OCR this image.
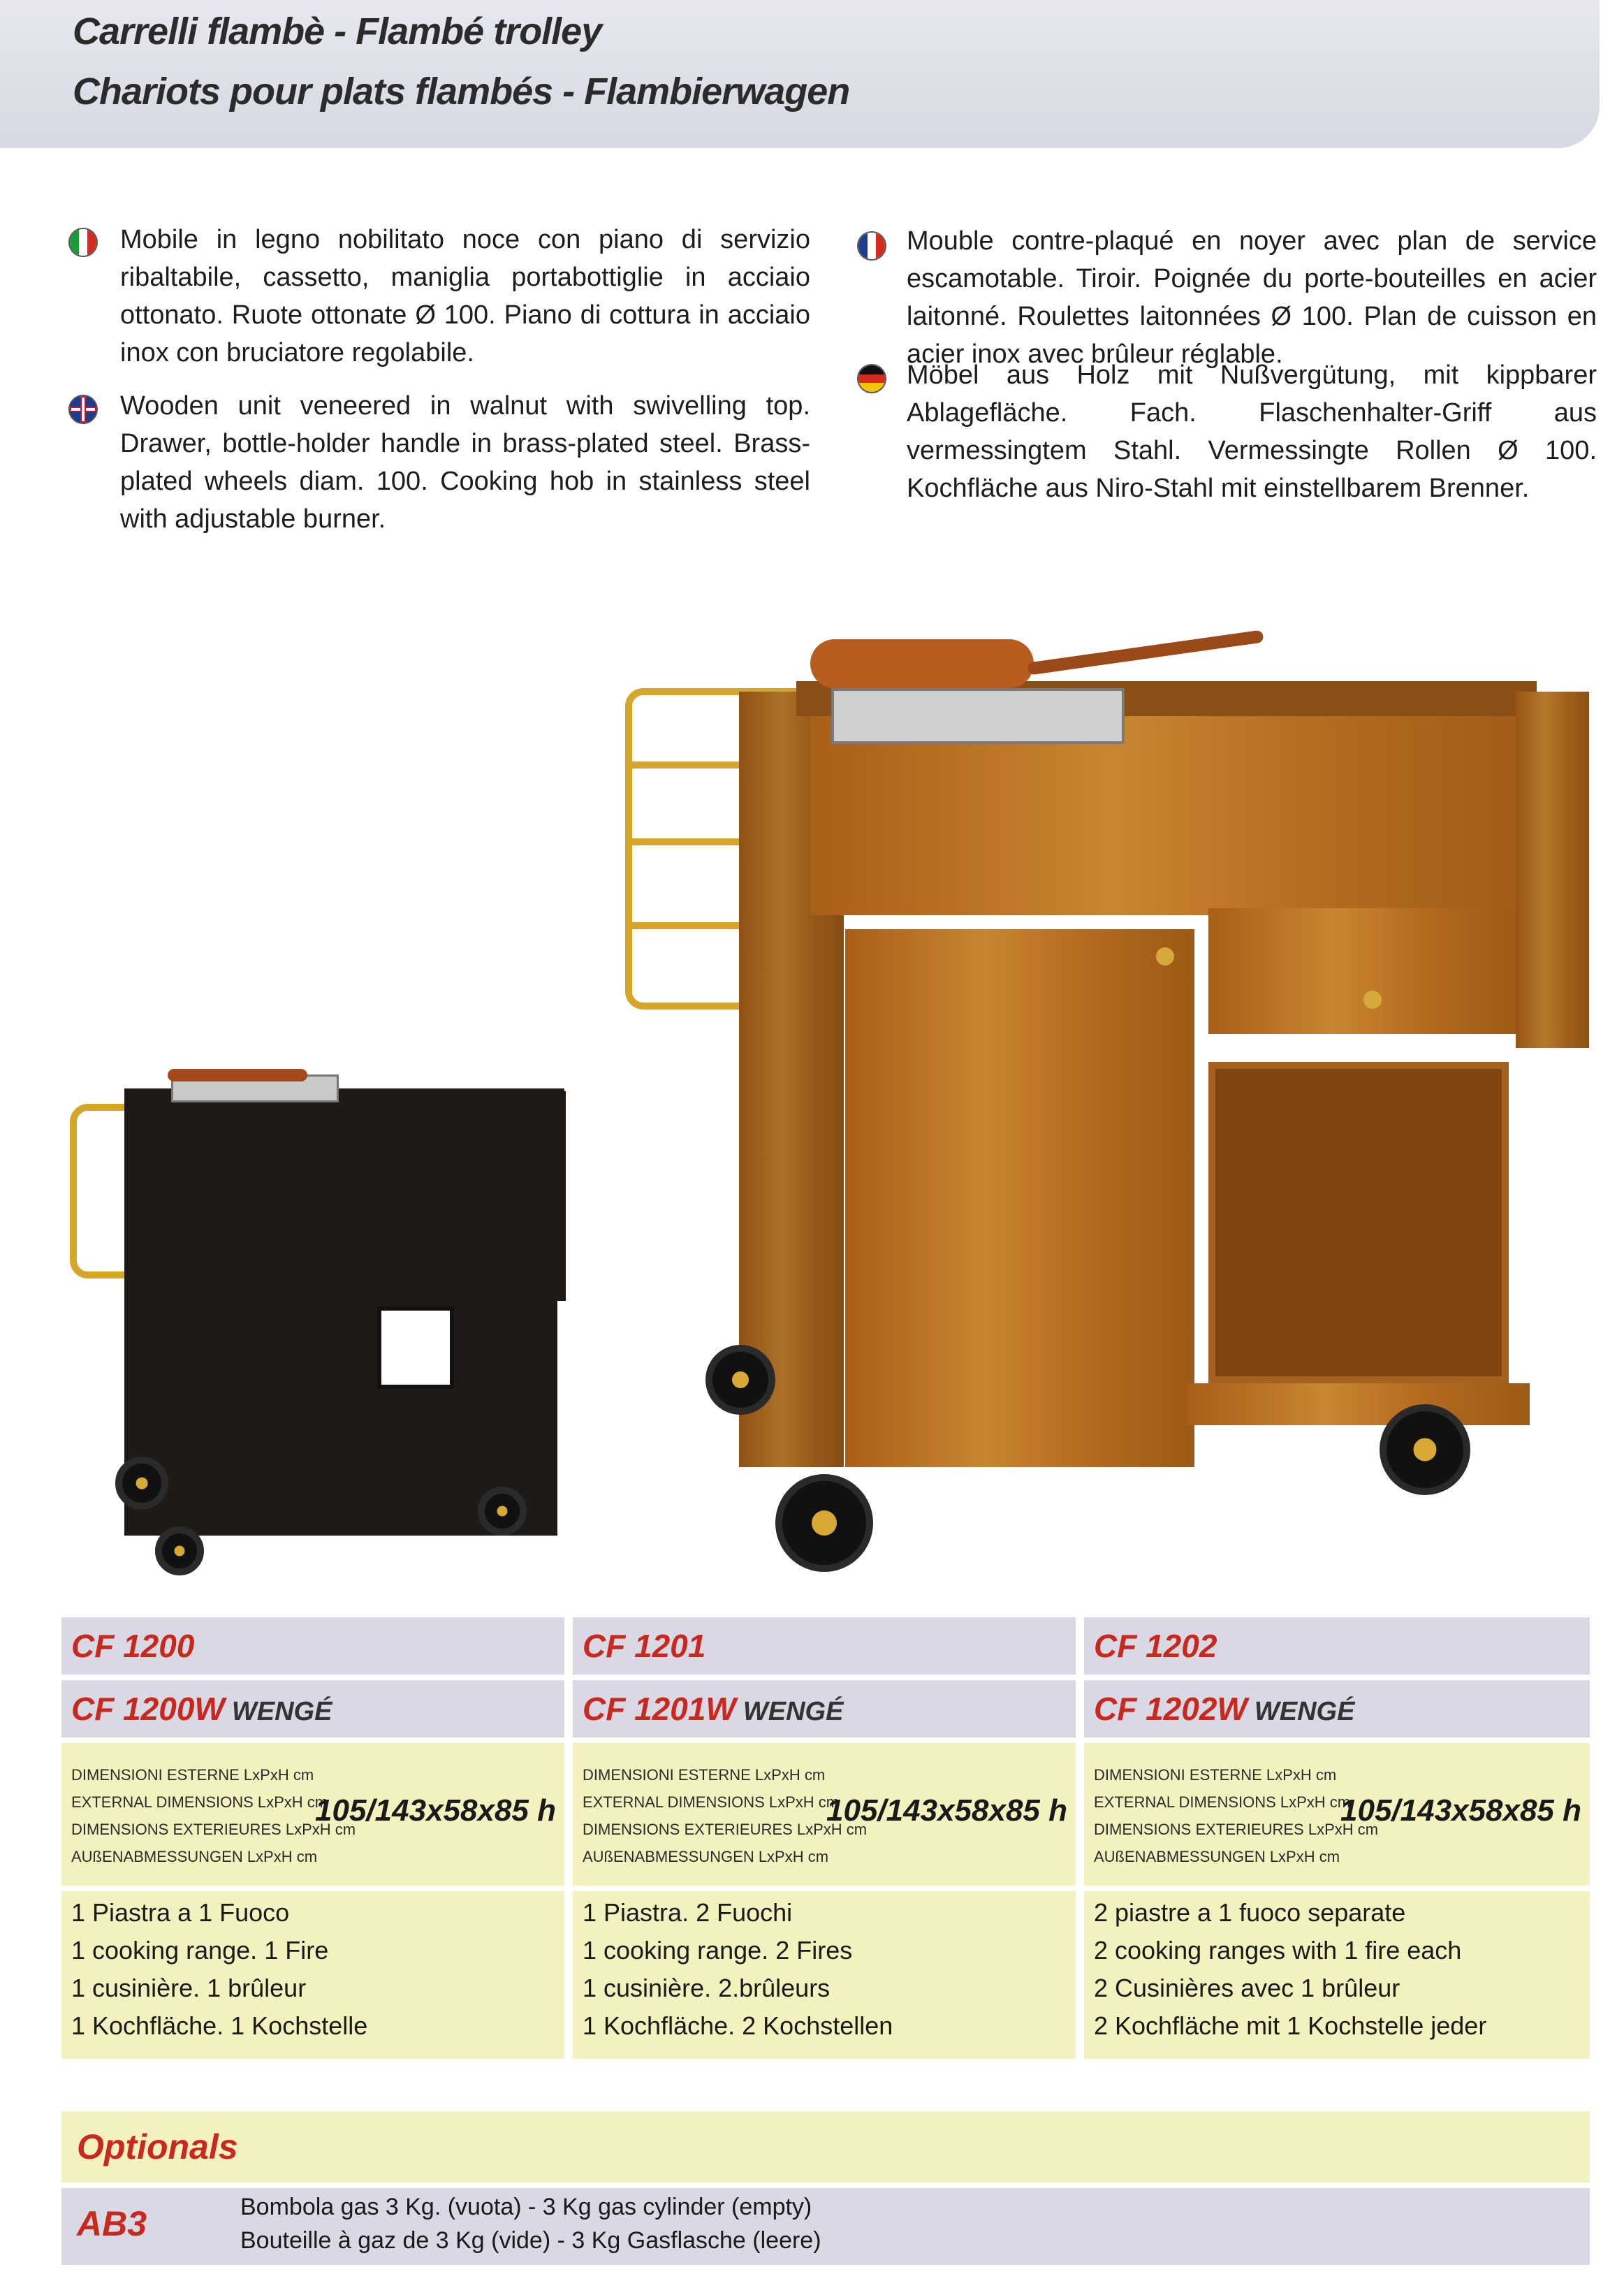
Carrelli flambè - Flambé trolley
Chariots pour plats flambés - Flambierwagen
Mobile in legno nobilitato noce con piano di servizio ribaltabile, cassetto, maniglia portabottiglie in acciaio ottonato. Ruote ottonate Ø 100. Piano di cottura in acciaio inox con bruciatore regolabile.
Wooden unit veneered in walnut with swivelling top. Drawer, bottle-holder handle in brass-plated steel. Brass-plated wheels diam. 100. Cooking hob in stainless steel with adjustable burner.
Mouble contre-plaqué en noyer avec plan de service escamotable. Tiroir. Poignée du porte-bouteilles en acier laitonné. Roulettes laitonnées Ø 100. Plan de cuisson en acier inox avec brûleur réglable.
Möbel aus Holz mit Nußvergütung, mit kippbarer Ablagefläche. Fach. Flaschenhalter-Griff aus vermessingtem Stahl. Vermessingte Rollen Ø 100. Kochfläche aus Niro-Stahl mit einstellbarem Brenner.
CF 1200
CF 1200W WENGÉ
DIMENSIONI ESTERNE LxPxH cm
EXTERNAL DIMENSIONS LxPxH cm
DIMENSIONS EXTERIEURES LxPxH cm
AUßENABMESSUNGEN LxPxH cm
105/143x58x85 h
1 Piastra a 1 Fuoco
1 cooking range. 1 Fire
1 cusinière. 1 brûleur
1 Kochfläche. 1 Kochstelle
CF 1201
CF 1201W WENGÉ
DIMENSIONI ESTERNE LxPxH cm
EXTERNAL DIMENSIONS LxPxH cm
DIMENSIONS EXTERIEURES LxPxH cm
AUßENABMESSUNGEN LxPxH cm
105/143x58x85 h
1 Piastra. 2 Fuochi
1 cooking range. 2 Fires
1 cusinière. 2.brûleurs
1 Kochfläche. 2 Kochstellen
CF 1202
CF 1202W WENGÉ
DIMENSIONI ESTERNE LxPxH cm
EXTERNAL DIMENSIONS LxPxH cm
DIMENSIONS EXTERIEURES LxPxH cm
AUßENABMESSUNGEN LxPxH cm
105/143x58x85 h
2 piastre a 1 fuoco separate
2 cooking ranges with 1 fire each
2 Cusinières avec 1 brûleur
2 Kochfläche mit 1 Kochstelle jeder
Optionals
AB3	Bombola gas 3 Kg. (vuota) - 3 Kg gas cylinder (empty)
Bouteille à gaz de 3 Kg (vide) - 3 Kg Gasflasche (leere)
